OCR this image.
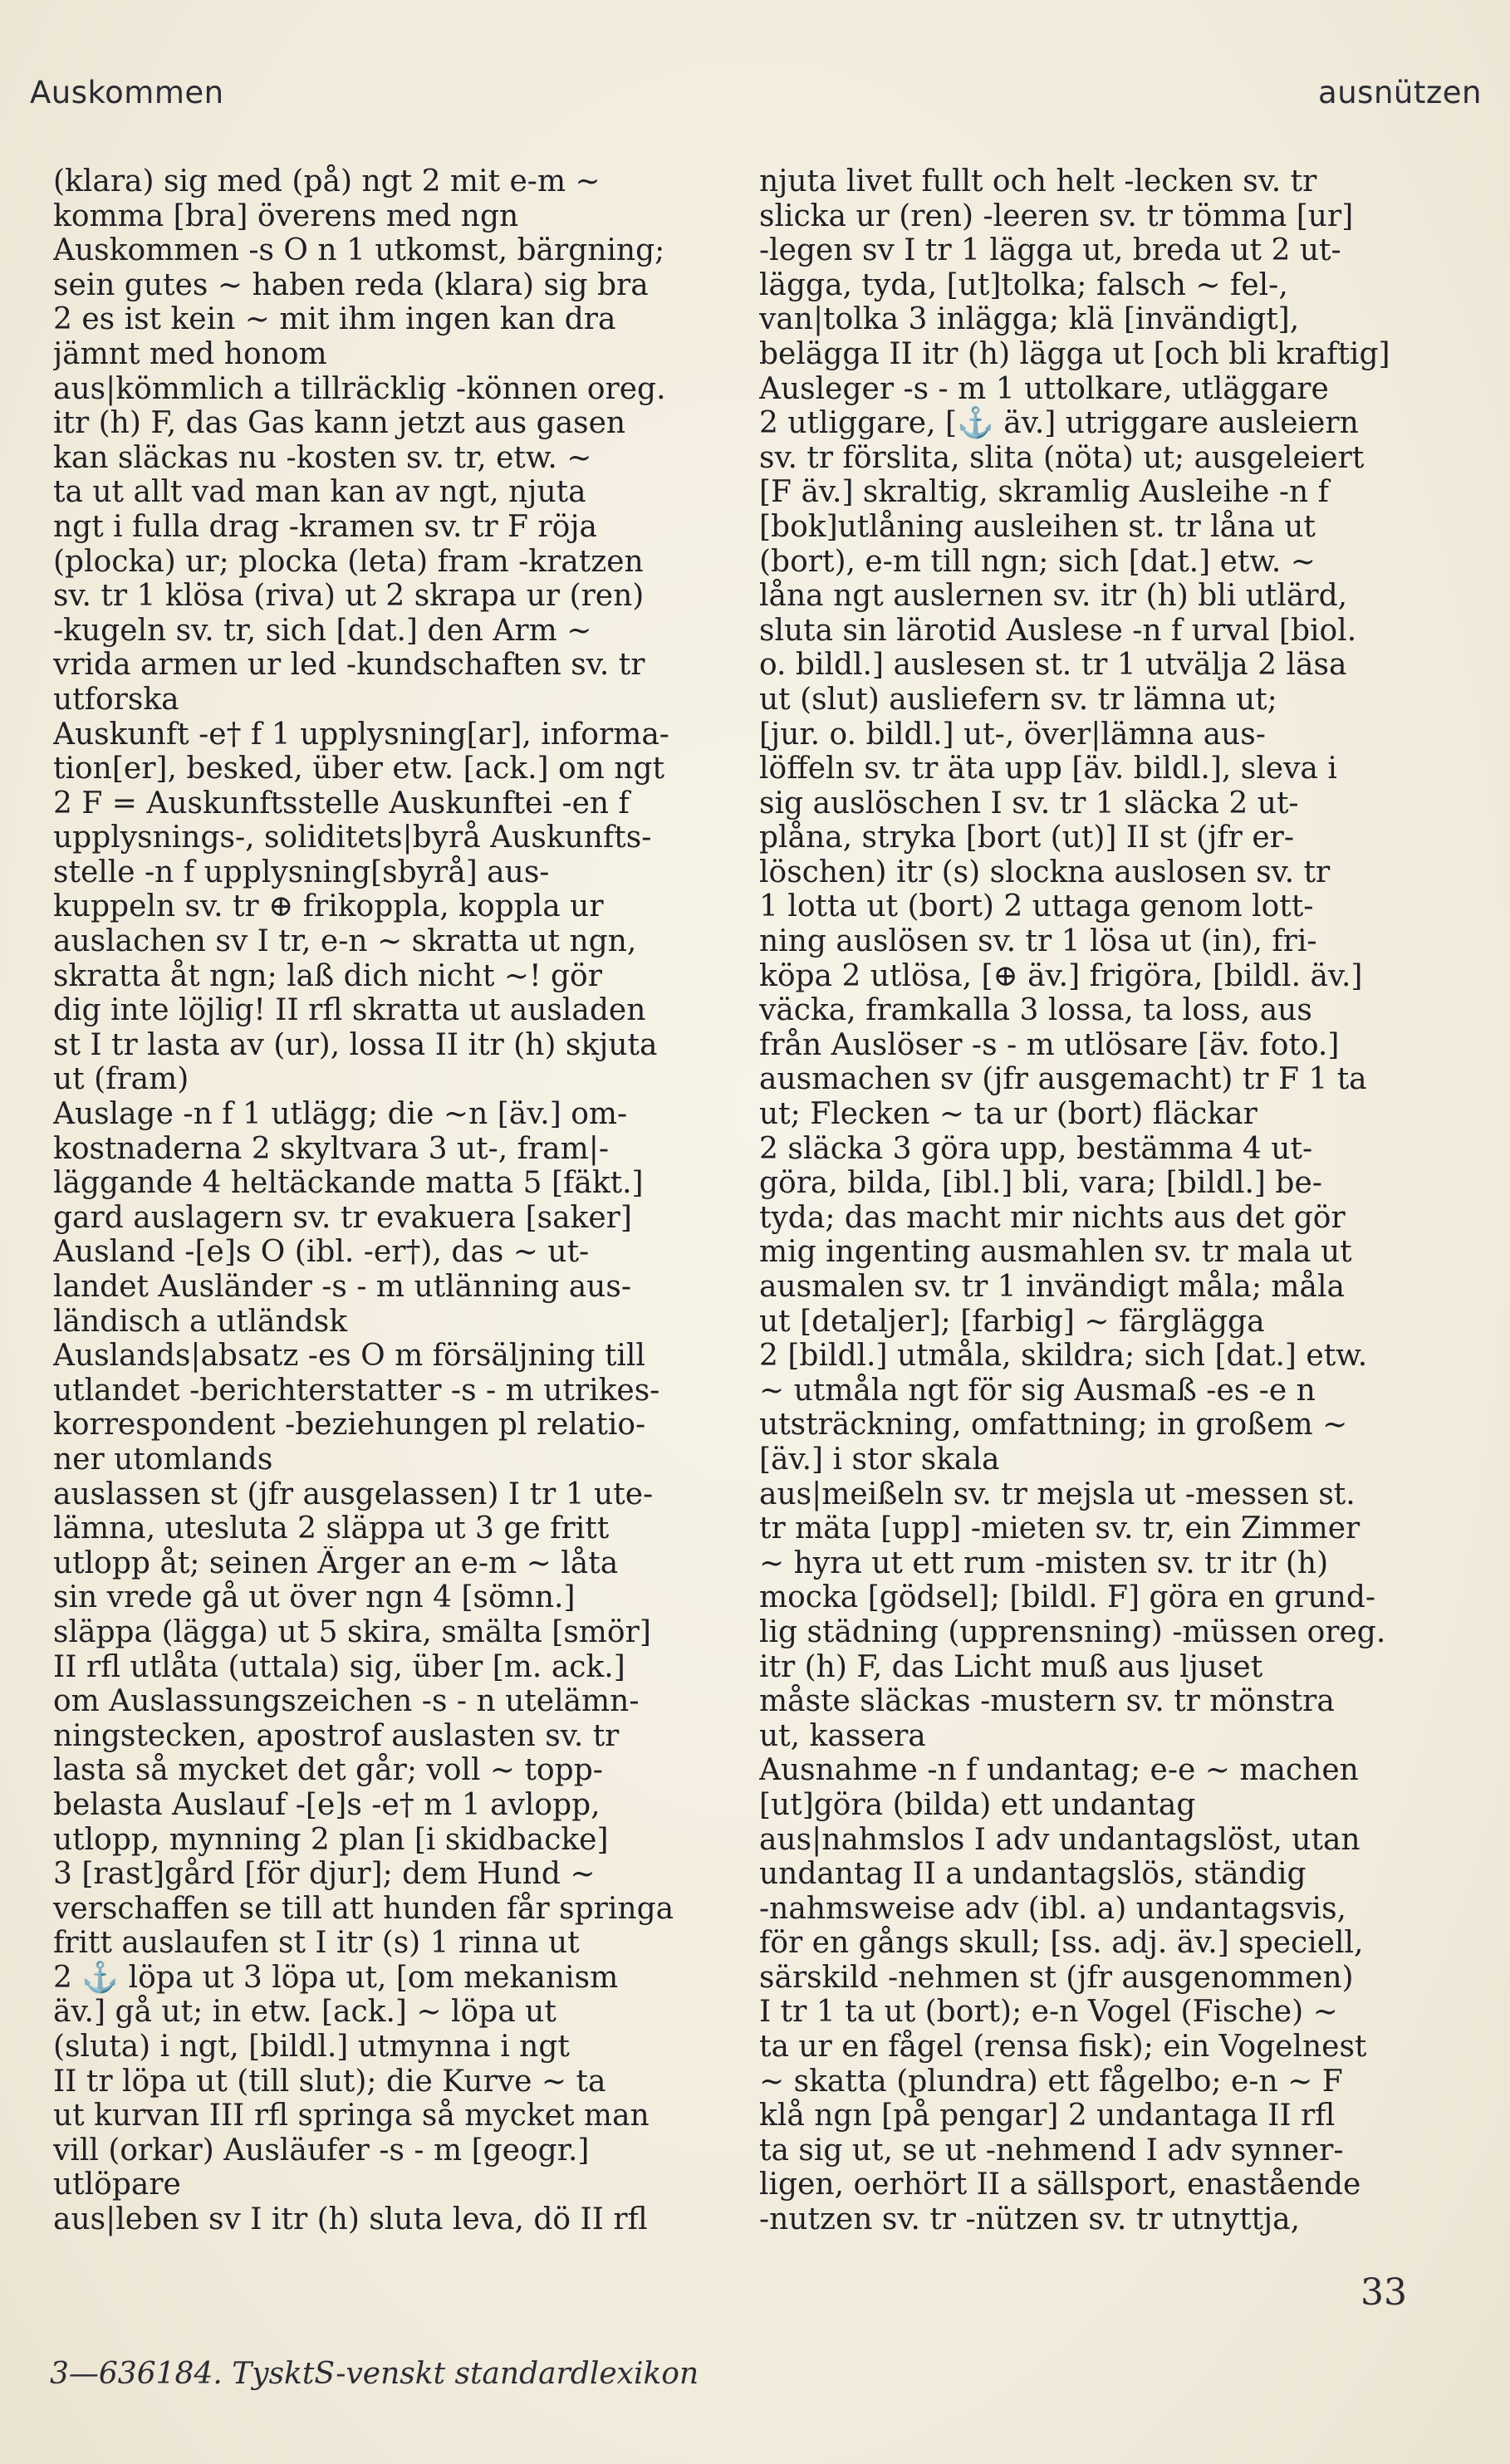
Auskommen	ausnützen
(klara) sig med (på) ngt 2 mit e-m ~
komma [bra] överens med ngn
Auskommen -s O n 1 utkomst, bärgning;
sein gutes ~ haben reda (klara) sig bra
2 es ist kein ~ mit ihm ingen kan dra
jämnt med honom
aus|kömmlich a tillräcklig -können oreg.
itr (h) F, das Gas kann jetzt aus gasen
kan släckas nu -kosten sv. tr, etw. ~
ta ut allt vad man kan av ngt, njuta
ngt i fulla drag -kramen sv. tr F röja
(plocka) ur; plocka (leta) fram -kratzen
sv. tr 1 klösa (riva) ut 2 skrapa ur (ren)
-kugeln sv. tr, sich [dat.] den Arm ~
vrida armen ur led -kundschaften sv. tr
utforska
Auskunft -e† f 1 upplysning[ar], informa-
tion[er], besked, über etw. [ack.] om ngt
2 F = Auskunftsstelle Auskunftei -en f
upplysnings-, soliditets|byrå Auskunfts-
stelle -n f upplysning[sbyrå] aus-
kuppeln sv. tr ⊕ frikoppla, koppla ur
auslachen sv I tr, e-n ~ skratta ut ngn,
skratta åt ngn; laß dich nicht ~! gör
dig inte löjlig! II rfl skratta ut ausladen
st I tr lasta av (ur), lossa II itr (h) skjuta
ut (fram)
Auslage -n f 1 utlägg; die ~n [äv.] om-
kostnaderna 2 skyltvara 3 ut-, fram|-
läggande 4 heltäckande matta 5 [fäkt.]
gard auslagern sv. tr evakuera [saker]
Ausland -[e]s O (ibl. -er†), das ~ ut-
landet Ausländer -s - m utlänning aus-
ländisch a utländsk
Auslands|absatz -es O m försäljning till
utlandet -berichterstatter -s - m utrikes-
korrespondent -beziehungen pl relatio-
ner utomlands
auslassen st (jfr ausgelassen) I tr 1 ute-
lämna, utesluta 2 släppa ut 3 ge fritt
utlopp åt; seinen Ärger an e-m ~ låta
sin vrede gå ut över ngn 4 [sömn.]
släppa (lägga) ut 5 skira, smälta [smör]
II rfl utlåta (uttala) sig, über [m. ack.]
om Auslassungszeichen -s - n utelämn-
ningstecken, apostrof auslasten sv. tr
lasta så mycket det går; voll ~ topp-
belasta Auslauf -[e]s -e† m 1 avlopp,
utlopp, mynning 2 plan [i skidbacke]
3 [rast]gård [för djur]; dem Hund ~
verschaffen se till att hunden får springa
fritt auslaufen st I itr (s) 1 rinna ut
2 ⚓ löpa ut 3 löpa ut, [om mekanism
äv.] gå ut; in etw. [ack.] ~ löpa ut
(sluta) i ngt, [bildl.] utmynna i ngt
II tr löpa ut (till slut); die Kurve ~ ta
ut kurvan III rfl springa så mycket man
vill (orkar) Ausläufer -s - m [geogr.]
utlöpare
aus|leben sv I itr (h) sluta leva, dö II rfl
njuta livet fullt och helt -lecken sv. tr
slicka ur (ren) -leeren sv. tr tömma [ur]
-legen sv I tr 1 lägga ut, breda ut 2 ut-
lägga, tyda, [ut]tolka; falsch ~ fel-,
van|tolka 3 inlägga; klä [invändigt],
belägga II itr (h) lägga ut [och bli kraftig]
Ausleger -s - m 1 uttolkare, utläggare
2 utliggare, [⚓ äv.] utriggare ausleiern
sv. tr förslita, slita (nöta) ut; ausgeleiert
[F äv.] skraltig, skramlig Ausleihe -n f
[bok]utlåning ausleihen st. tr låna ut
(bort), e-m till ngn; sich [dat.] etw. ~
låna ngt auslernen sv. itr (h) bli utlärd,
sluta sin lärotid Auslese -n f urval [biol.
o. bildl.] auslesen st. tr 1 utvälja 2 läsa
ut (slut) ausliefern sv. tr lämna ut;
[jur. o. bildl.] ut-, över|lämna aus-
löffeln sv. tr äta upp [äv. bildl.], sleva i
sig auslöschen I sv. tr 1 släcka 2 ut-
plåna, stryka [bort (ut)] II st (jfr er-
löschen) itr (s) slockna auslosen sv. tr
1 lotta ut (bort) 2 uttaga genom lott-
ning auslösen sv. tr 1 lösa ut (in), fri-
köpa 2 utlösa, [⊕ äv.] frigöra, [bildl. äv.]
väcka, framkalla 3 lossa, ta loss, aus
från Auslöser -s - m utlösare [äv. foto.]
ausmachen sv (jfr ausgemacht) tr F 1 ta
ut; Flecken ~ ta ur (bort) fläckar
2 släcka 3 göra upp, bestämma 4 ut-
göra, bilda, [ibl.] bli, vara; [bildl.] be-
tyda; das macht mir nichts aus det gör
mig ingenting ausmahlen sv. tr mala ut
ausmalen sv. tr 1 invändigt måla; måla
ut [detaljer]; [farbig] ~ färglägga
2 [bildl.] utmåla, skildra; sich [dat.] etw.
~ utmåla ngt för sig Ausmaß -es -e n
utsträckning, omfattning; in großem ~
[äv.] i stor skala
aus|meißeln sv. tr mejsla ut -messen st.
tr mäta [upp] -mieten sv. tr, ein Zimmer
~ hyra ut ett rum -misten sv. tr itr (h)
mocka [gödsel]; [bildl. F] göra en grund-
lig städning (upprensning) -müssen oreg.
itr (h) F, das Licht muß aus ljuset
måste släckas -mustern sv. tr mönstra
ut, kassera
Ausnahme -n f undantag; e-e ~ machen
[ut]göra (bilda) ett undantag
aus|nahmslos I adv undantagslöst, utan
undantag II a undantagslös, ständig
-nahmsweise adv (ibl. a) undantagsvis,
för en gångs skull; [ss. adj. äv.] speciell,
särskild -nehmen st (jfr ausgenommen)
I tr 1 ta ut (bort); e-n Vogel (Fische) ~
ta ur en fågel (rensa fisk); ein Vogelnest
~ skatta (plundra) ett fågelbo; e-n ~ F
klå ngn [på pengar] 2 undantaga II rfl
ta sig ut, se ut -nehmend I adv synner-
ligen, oerhört II a sällsport, enastående
-nutzen sv. tr -nützen sv. tr utnyttja,
33
3—636184. TysktS-venskt standardlexikon
